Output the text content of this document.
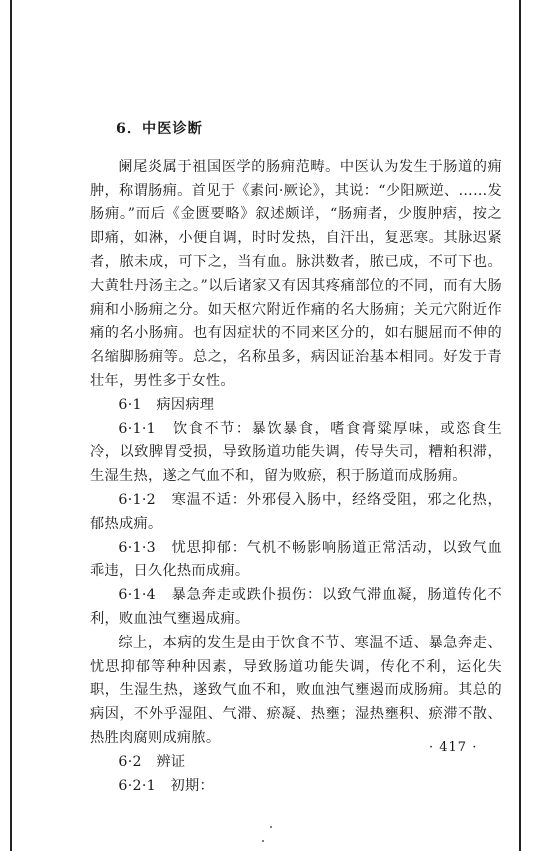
6．中医诊断

阑尾炎属于祖国医学的肠痈范畴。中医认为发生于肠道的痈肿，称谓肠痈。首见于《素问·厥论》，其说：“少阳厥逆、……发肠痈。”而后《金匮要略》叙述颇详，“肠痈者，少腹肿痞，按之即痛，如淋，小便自调，时时发热，自汗出，复恶寒。其脉迟紧者，脓未成，可下之，当有血。脉洪数者，脓已成，不可下也。大黄牡丹汤主之。”以后诸家又有因其疼痛部位的不同，而有大肠痈和小肠痈之分。如天枢穴附近作痛的名大肠痈；关元穴附近作痛的名小肠痈。也有因症状的不同来区分的，如右腿屈而不伸的名缩脚肠痈等。总之，名称虽多，病因证治基本相同。好发于青壮年，男性多于女性。

6·1　病因病理

6·1·1　饮食不节：暴饮暴食，嗜食膏粱厚味，或恣食生冷，以致脾胃受损，导致肠道功能失调，传导失司，糟粕积滞，生湿生热，遂之气血不和，留为败瘀，积于肠道而成肠痈。

6·1·2　寒温不适：外邪侵入肠中，经络受阻，邪之化热，郁热成痈。

6·1·3　忧思抑郁：气机不畅影响肠道正常活动，以致气血乖违，日久化热而成痈。

6·1·4　暴急奔走或跌仆损伤：以致气滞血凝，肠道传化不利，败血浊气壅遏成痈。

综上，本病的发生是由于饮食不节、寒温不适、暴急奔走、忧思抑郁等种种因素，导致肠道功能失调，传化不利，运化失职，生湿生热，遂致气血不和，败血浊气壅遏而成肠痈。其总的病因，不外乎湿阻、气滞、瘀凝、热壅；湿热壅积、瘀滞不散、热胜肉腐则成痈脓。

6·2　辨证

6·2·1　初期：

· 417 ·
